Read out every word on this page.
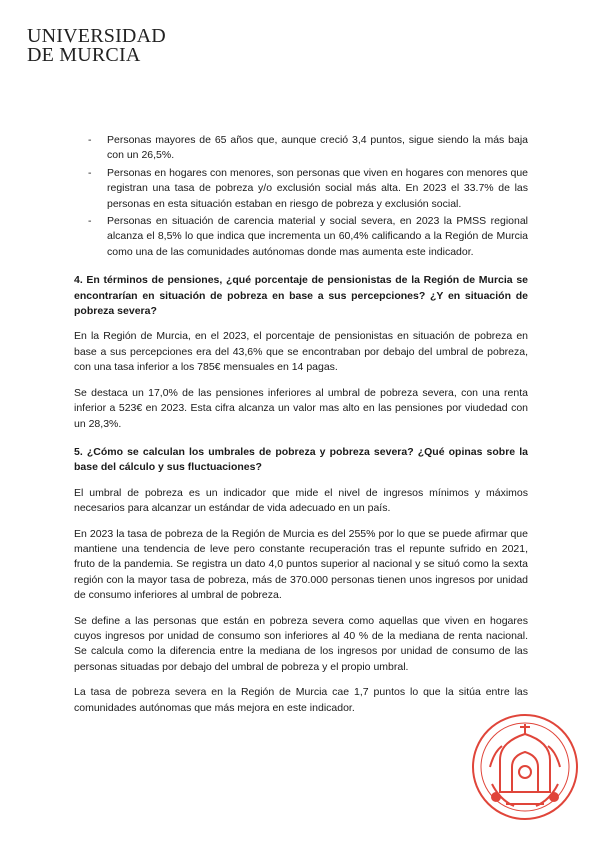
UNIVERSIDAD
DE MURCIA
- Personas mayores de 65 años que, aunque creció 3,4 puntos, sigue siendo la más baja con un 26,5%.
- Personas en hogares con menores, son personas que viven en hogares con menores que registran una tasa de pobreza y/o exclusión social más alta. En 2023 el 33.7% de las personas en esta situación estaban en riesgo de pobreza y exclusión social.
- Personas en situación de carencia material y social severa, en 2023 la PMSS regional alcanza el 8,5% lo que indica que incrementa un 60,4% calificando a la Región de Murcia como una de las comunidades autónomas donde mas aumenta este indicador.
4. En términos de pensiones, ¿qué porcentaje de pensionistas de la Región de Murcia se encontrarían en situación de pobreza en base a sus percepciones? ¿Y en situación de pobreza severa?

En la Región de Murcia, en el 2023, el porcentaje de pensionistas en situación de pobreza en base a sus percepciones era del 43,6% que se encontraban por debajo del umbral de pobreza, con una tasa inferior a los 785€ mensuales en 14 pagas.

Se destaca un 17,0% de las pensiones inferiores al umbral de pobreza severa, con una renta inferior a 523€ en 2023. Esta cifra alcanza un valor mas alto en las pensiones por viudedad con un 28,3%.

5. ¿Cómo se calculan los umbrales de pobreza y pobreza severa? ¿Qué opinas sobre la base del cálculo y sus fluctuaciones?

El umbral de pobreza es un indicador que mide el nivel de ingresos mínimos y máximos necesarios para alcanzar un estándar de vida adecuado en un país.

En 2023 la tasa de pobreza de la Región de Murcia es del 255% por lo que se puede afirmar que mantiene una tendencia de leve pero constante recuperación tras el repunte sufrido en 2021, fruto de la pandemia. Se registra un dato 4,0 puntos superior al nacional y se situó como la sexta región con la mayor tasa de pobreza, más de 370.000 personas tienen unos ingresos por unidad de consumo inferiores al umbral de pobreza.

Se define a las personas que están en pobreza severa como aquellas que viven en hogares cuyos ingresos por unidad de consumo son inferiores al 40 % de la mediana de renta nacional. Se calcula como la diferencia entre la mediana de los ingresos por unidad de consumo de las personas situadas por debajo del umbral de pobreza y el propio umbral.

La tasa de pobreza severa en la Región de Murcia cae 1,7 puntos lo que la sitúa entre las comunidades autónomas que más mejora en este indicador.
